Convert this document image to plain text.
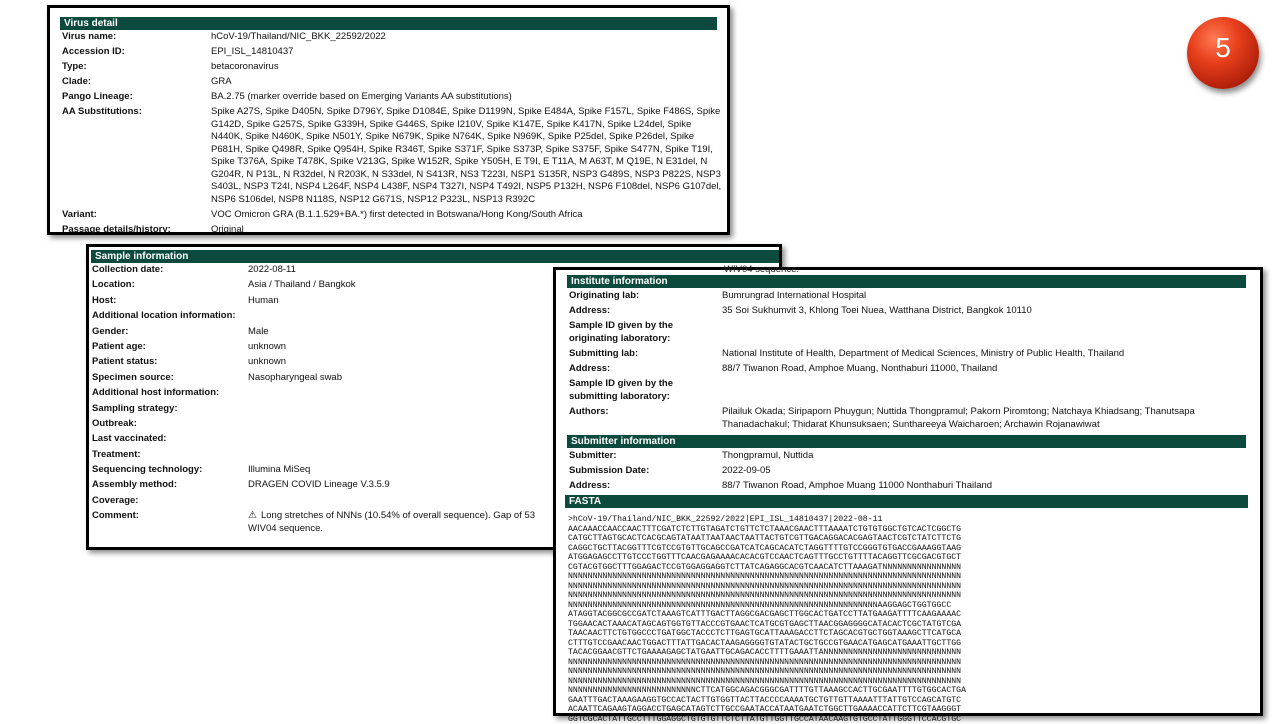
Virus detail
Virus name:	hCoV-19/Thailand/NIC_BKK_22592/2022
Accession ID:	EPI_ISL_14810437
Type:	betacoronavirus
Clade:	GRA
Pango Lineage:	BA.2.75 (marker override based on Emerging Variants AA substitutions)
AA Substitutions:	Spike A27S, Spike D405N, Spike D796Y, Spike D1084E, Spike D1199N, Spike E484A, Spike F157L, Spike F486S, Spike G142D, Spike G257S, Spike G339H, Spike G446S, Spike I210V, Spike K147E, Spike K417N, Spike L24del, Spike N440K, Spike N460K, Spike N501Y, Spike N679K, Spike N764K, Spike N969K, Spike P25del, Spike P26del, Spike P681H, Spike Q498R, Spike Q954H, Spike R346T, Spike S371F, Spike S373P, Spike S375F, Spike S477N, Spike T19I, Spike T376A, Spike T478K, Spike V213G, Spike W152R, Spike Y505H, E T9I, E T11A, M A63T, M Q19E, N E31del, N G204R, N P13L, N R32del, N R203K, N S33del, N S413R, NS3 T223I, NSP1 S135R, NSP3 G489S, NSP3 P822S, NSP3 S403L, NSP3 T24I, NSP4 L264F, NSP4 L438F, NSP4 T327I, NSP4 T492I, NSP5 P132H, NSP6 F108del, NSP6 G107del, NSP6 S106del, NSP8 N118S, NSP12 G671S, NSP12 P323L, NSP13 R392C
Variant:	VOC Omicron GRA (B.1.1.529+BA.*) first detected in Botswana/Hong Kong/South Africa
Passage details/history:	Original
Sample information
Collection date:	2022-08-11
Location:	Asia / Thailand / Bangkok
Host:	Human
Additional location information:	
Gender:	Male
Patient age:	unknown
Patient status:	unknown
Specimen source:	Nasopharyngeal swab
Additional host information:	
Sampling strategy:	
Outbreak:	
Last vaccinated:	
Treatment:	
Sequencing technology:	Illumina MiSeq
Assembly method:	DRAGEN COVID Lineage V.3.5.9
Coverage:	
Comment:	⚠ Long stretches of NNNs (10.54% of overall sequence). Gap of 53
WIV04 sequence.
WIV04 sequence.
Institute information
Originating lab:	Bumrungrad International Hospital
Address:	35 Soi Sukhumvit 3, Khlong Toei Nuea, Watthana District, Bangkok 10110
Sample ID given by the originating laboratory:	
Submitting lab:	National Institute of Health, Department of Medical Sciences, Ministry of Public Health, Thailand
Address:	88/7 Tiwanon Road, Amphoe Muang, Nonthaburi 11000, Thailand
Sample ID given by the submitting laboratory:	
Authors:	Pilailuk Okada; Siripaporn Phuygun; Nuttida Thongpramul; Pakorn Piromtong; Natchaya Khiadsang; Thanutsapa Thanadachakul; Thidarat Khunsuksaen; Sunthareeya Waicharoen; Archawin Rojanawiwat
Submitter information
Submitter:	Thongpramul, Nuttida
Submission Date:	2022-09-05
Address:	88/7 Tiwanon Road, Amphoe Muang 11000 Nonthaburi Thailand
FASTA
>hCoV-19/Thailand/NIC_BKK_22592/2022|EPI_ISL_14810437|2022-08-11
AACAAACCAACCAACTTTCGATCTCTTGTAGATCTGTTCTCTAAACGAACTTTAAAATCTGTGTGGCTGTCACTCGGCTG
CATGCTTAGTGCACTCACGCAGTATAATTAATAACTAATTACTGTCGTTGACAGGACACGAGTAACTCGTCTATCTTCTG
CAGGCTGCTTACGGTTTCGTCCGTGTTGCAGCCGATCATCAGCACATCTAGGTTTTGTCCGGGTGTGACCGAAAGGTAAG
ATGGAGAGCCTTGTCCCTGGTTTCAACGAGAAAACACACGTCCAACTCAGTTTGCCTGTTTTACAGGTTCGCGACGTGCT
CGTACGTGGCTTTGGAGACTCCGTGGAGGAGGTCTTATCAGAGGCACGTCAACATCTTAAAGATNNNNNNNNNNNNNNNN
NNNNNNNNNNNNNNNNNNNNNNNNNNNNNNNNNNNNNNNNNNNNNNNNNNNNNNNNNNNNNNNNNNNNNNNNNNNNNNNN
NNNNNNNNNNNNNNNNNNNNNNNNNNNNNNNNNNNNNNNNNNNNNNNNNNNNNNNNNNNNNNNNNNNNNNNNNNNNNNNN
NNNNNNNNNNNNNNNNNNNNNNNNNNNNNNNNNNNNNNNNNNNNNNNNNNNNNNNNNNNNNNNNNNNNNNNNNNNNNNNN
NNNNNNNNNNNNNNNNNNNNNNNNNNNNNNNNNNNNNNNNNNNNNNNNNNNNNNNNNNNNNNNAAGGAGCTGGTGGCC
ATAGGTACGGCGCCGATCTAAAGTCATTTGACTTAGGCGACGAGCTTGGCACTGATCCTTATGAAGATTTTCAAGAAAAC
TGGAACACTAAACATAGCAGTGGTGTTACCCGTGAACTCATGCGTGAGCTTAACGGAGGGGCATACACTCGCTATGTCGA
TAACAACTTCTGTGGCCCTGATGGCTACCCTCTTGAGTGCATTAAAGACCTTCTAGCACGTGCTGGTAAAGCTTCATGCA
CTTTGTCCGAACAACTGGACTTTATTGACACTAAGAGGGGTGTATACTGCTGCCGTGAACATGAGCATGAAATTGCTTGG
TACACGGAACGTTCTGAAAAGAGCTATGAATTGCAGACACCTTTTGAAATTANNNNNNNNNNNNNNNNNNNNNNNNNNNN
NNNNNNNNNNNNNNNNNNNNNNNNNNNNNNNNNNNNNNNNNNNNNNNNNNNNNNNNNNNNNNNNNNNNNNNNNNNNNNNN
NNNNNNNNNNNNNNNNNNNNNNNNNNNNNNNNNNNNNNNNNNNNNNNNNNNNNNNNNNNNNNNNNNNNNNNNNNNNNNNN
NNNNNNNNNNNNNNNNNNNNNNNNNNNNNNNNNNNNNNNNNNNNNNNNNNNNNNNNNNNNNNNNNNNNNNNNNNNNNNNN
NNNNNNNNNNNNNNNNNNNNNNNNNNCTTCATGGCAGACGGGCGATTTTGTTAAAGCCACTTGCGAATTTTGTGGCACTGA
GAATTTGACTAAAGAAGGTGCCACTACTTGTGGTTACTTACCCCAAAATGCTGTTGTTAAAATTTATTGTCCAGCATGTC
ACAATTCAGAAGTAGGACCTGAGCATAGTCTTGCCGAATACCATAATGAATCTGGCTTGAAAACCATTCTTCGTAAGGGT
GGTCGCACTATTGCCTTTGGAGGCTGTGTGTTCTCTTATGTTGGTTGCCATAACAAGTGTGCCTATTGGGTTCCACGTGC
5
